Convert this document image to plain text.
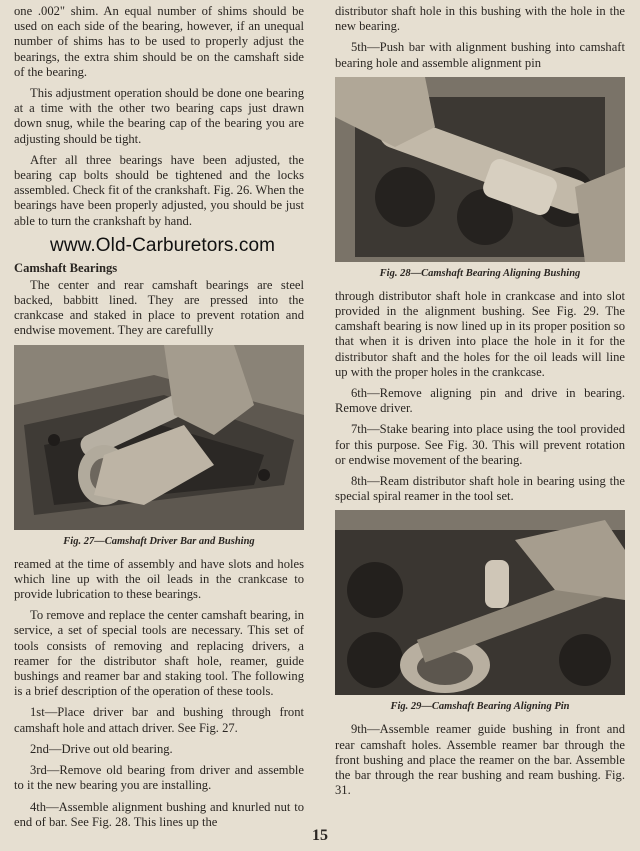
one .002" shim. An equal number of shims should be used on each side of the bearing, however, if an unequal number of shims has to be used to properly adjust the bearings, the extra shim should be on the camshaft side of the bearing.

This adjustment operation should be done one bearing at a time with the other two bearing caps just drawn down snug, while the bearing cap of the bearing you are adjusting should be tight.

After all three bearings have been adjusted, the bearing cap bolts should be tightened and the locks assembled. Check fit of the crankshaft. Fig. 26. When the bearings have been properly adjusted, you should be just able to turn the crankshaft by hand.

www.Old-Carburetors.com
Camshaft Bearings

The center and rear camshaft bearings are steel backed, babbitt lined. They are pressed into the crankcase and staked in place to prevent rotation and endwise movement. They are carefullly

Fig. 27—Camshaft Driver Bar and Bushing

reamed at the time of assembly and have slots and holes which line up with the oil leads in the crankcase to provide lubrication to these bearings.

To remove and replace the center camshaft bearing, in service, a set of special tools are necessary. This set of tools consists of removing and replacing drivers, a reamer for the distributor shaft hole, reamer, guide bushings and reamer bar and staking tool. The following is a brief description of the operation of these tools.

1st—Place driver bar and bushing through front camshaft hole and attach driver. See Fig. 27.

2nd—Drive out old bearing.

3rd—Remove old bearing from driver and assemble to it the new bearing you are installing.

4th—Assemble alignment bushing and knurled nut to end of bar. See Fig. 28. This lines up the

distributor shaft hole in this bushing with the hole in the new bearing.

5th—Push bar with alignment bushing into camshaft bearing hole and assemble alignment pin

Fig. 28—Camshaft Bearing Aligning Bushing

through distributor shaft hole in crankcase and into slot provided in the alignment bushing. See Fig. 29. The camshaft bearing is now lined up in its proper position so that when it is driven into place the hole in it for the distributor shaft and the holes for the oil leads will line up with the proper holes in the crankcase.

6th—Remove aligning pin and drive in bearing. Remove driver.

7th—Stake bearing into place using the tool provided for this purpose. See Fig. 30. This will prevent rotation or endwise movement of the bearing.

8th—Ream distributor shaft hole in bearing using the special spiral reamer in the tool set.

Fig. 29—Camshaft Bearing Aligning Pin

9th—Assemble reamer guide bushing in front and rear camshaft holes. Assemble reamer bar through the front bushing and place the reamer on the bar. Assemble the bar through the rear bushing and ream bushing. Fig. 31.

15
